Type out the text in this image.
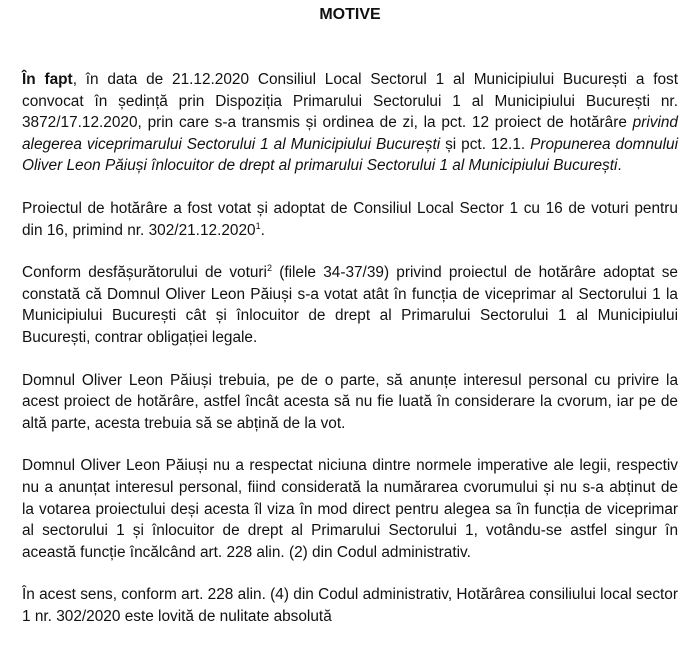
MOTIVE

În fapt, în data de 21.12.2020 Consiliul Local Sectorul 1 al Municipiului București a fost convocat în ședință prin Dispoziția Primarului Sectorului 1 al Municipiului București nr. 3872/17.12.2020, prin care s-a transmis și ordinea de zi, la pct. 12 proiect de hotărâre privind alegerea viceprimarului Sectorului 1 al Municipiului București și pct. 12.1. Propunerea domnului Oliver Leon Păiuși înlocuitor de drept al primarului Sectorului 1 al Municipiului București.

Proiectul de hotărâre a fost votat și adoptat de Consiliul Local Sector 1 cu 16 de voturi pentru din 16, primind nr. 302/21.12.2020$^1$.

Conform desfășurătorului de voturi$^2$ (filele 34-37/39) privind proiectul de hotărâre adoptat se constată că Domnul Oliver Leon Păiuși s-a votat atât în funcția de viceprimar al Sectorului 1 la Municipiului București cât și înlocuitor de drept al Primarului Sectorului 1 al Municipiului București, contrar obligației legale.

Domnul Oliver Leon Păiuși trebuia, pe de o parte, să anunțe interesul personal cu privire la acest proiect de hotărâre, astfel încât acesta să nu fie luată în considerare la cvorum, iar pe de altă parte, acesta trebuia să se abțină de la vot.

Domnul Oliver Leon Păiuși nu a respectat niciuna dintre normele imperative ale legii, respectiv nu a anunțat interesul personal, fiind considerată la numărarea cvorumului și nu s-a abținut de la votarea proiectului deși acesta îl viza în mod direct pentru alegea sa în funcția de viceprimar al sectorului 1 și înlocuitor de drept al Primarului Sectorului 1, votându-se astfel singur în această funcție încălcând art. 228 alin. (2) din Codul administrativ.

În acest sens, conform art. 228 alin. (4) din Codul administrativ, Hotărârea consiliului local sector 1 nr. 302/2020 este lovită de nulitate absolută
